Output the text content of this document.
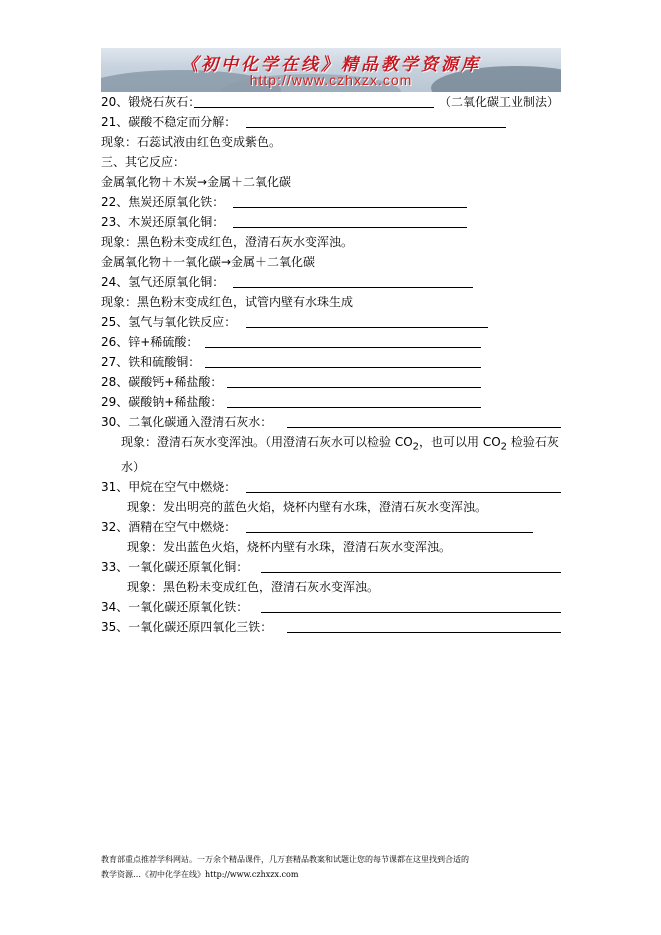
《初中化学在线》精品教学资源库
http://www.czhxzx.com
20、锻烧石灰石：	（二氧化碳工业制法）
21、碳酸不稳定而分解：
现象：石蕊试液由红色变成紫色。
三、其它反应：
金属氧化物＋木炭→金属＋二氧化碳
22、焦炭还原氧化铁：
23、木炭还原氧化铜：
现象：黑色粉未变成红色，澄清石灰水变浑浊。
金属氧化物＋一氧化碳→金属＋二氧化碳
24、氢气还原氧化铜：
现象：黑色粉末变成红色，试管内壁有水珠生成
25、氢气与氧化铁反应：
26、锌+稀硫酸：
27、铁和硫酸铜：
28、碳酸钙+稀盐酸：
29、碳酸钠+稀盐酸：
30、二氧化碳通入澄清石灰水：
现象：澄清石灰水变浑浊。（用澄清石灰水可以检验 $CO_2$，也可以用 $CO_2$ 检验石灰水）
31、甲烷在空气中燃烧：
现象：发出明亮的蓝色火焰，烧杯内壁有水珠，澄清石灰水变浑浊。
32、酒精在空气中燃烧：
现象：发出蓝色火焰，烧杯内壁有水珠，澄清石灰水变浑浊。
33、一氧化碳还原氧化铜：
现象：黑色粉未变成红色，澄清石灰水变浑浊。
34、一氧化碳还原氧化铁：
35、一氧化碳还原四氧化三铁：
教育部重点推荐学科网站。一万余个精品课件，几万套精品教案和试题让您的每节课都在这里找到合适的
教学资源…《初中化学在线》http://www.czhxzx.com
